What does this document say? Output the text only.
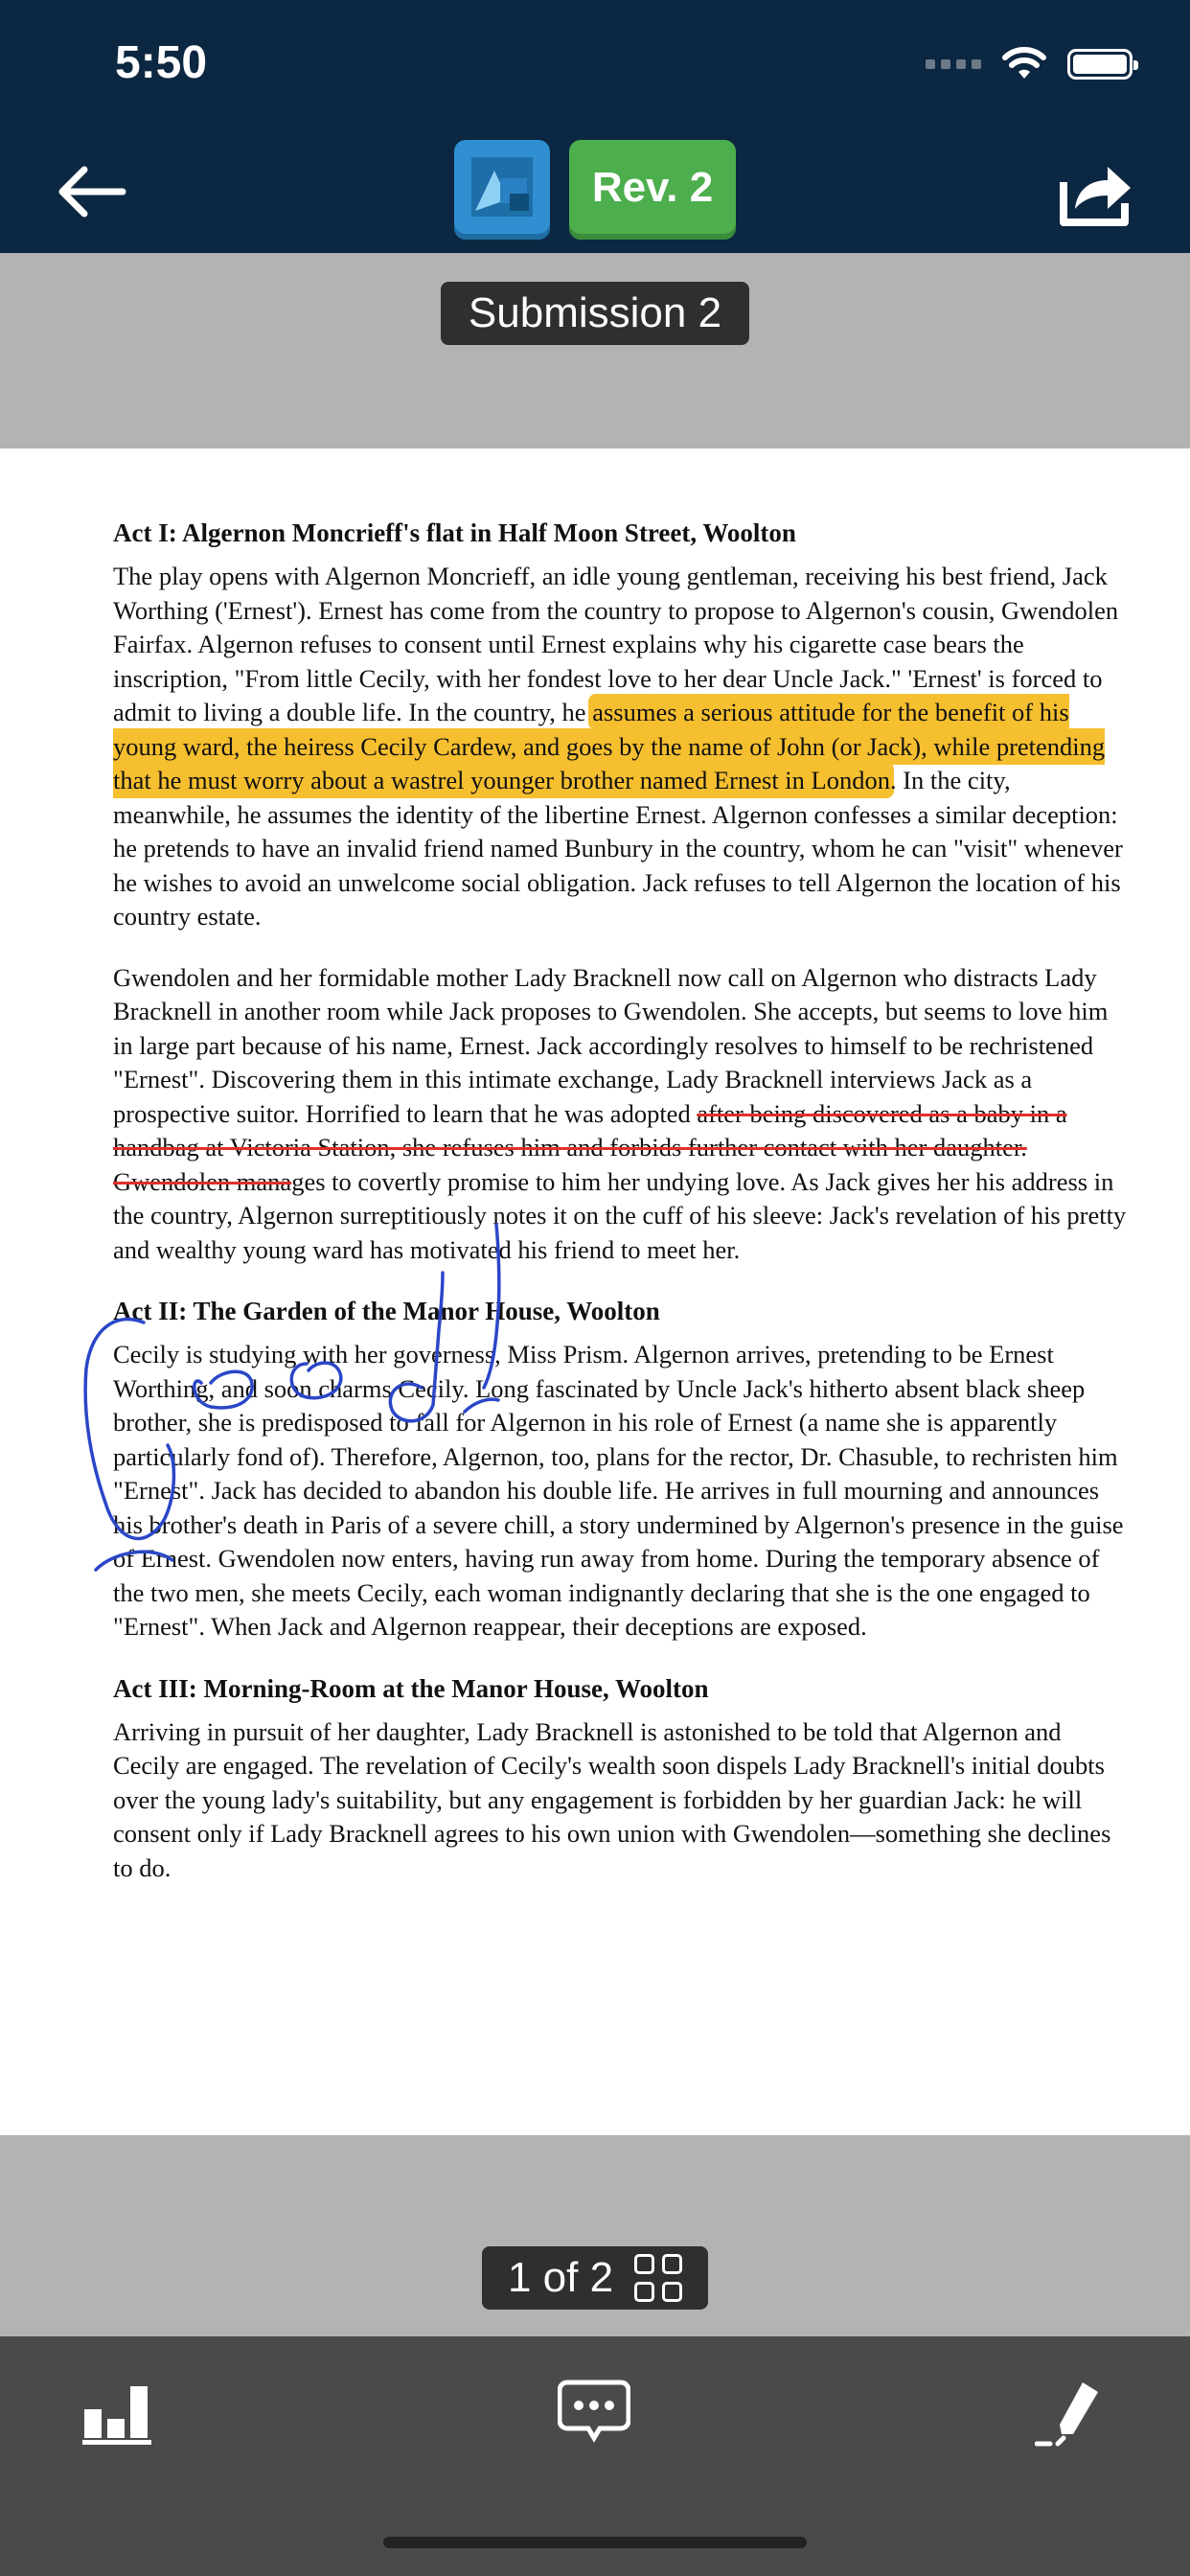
5:50
Rev. 2
Submission 2
Act I: Algernon Moncrieff's flat in Half Moon Street, Woolton

The play opens with Algernon Moncrieff, an idle young gentleman, receiving his best friend, Jack Worthing ('Ernest'). Ernest has come from the country to propose to Algernon's cousin, Gwendolen Fairfax. Algernon refuses to consent until Ernest explains why his cigarette case bears the inscription, "From little Cecily, with her fondest love to her dear Uncle Jack." 'Ernest' is forced to admit to living a double life. In the country, he assumes a serious attitude for the benefit of his young ward, the heiress Cecily Cardew, and goes by the name of John (or Jack), while pretending that he must worry about a wastrel younger brother named Ernest in London. In the city, meanwhile, he assumes the identity of the libertine Ernest. Algernon confesses a similar deception: he pretends to have an invalid friend named Bunbury in the country, whom he can "visit" whenever he wishes to avoid an unwelcome social obligation. Jack refuses to tell Algernon the location of his country estate.

Gwendolen and her formidable mother Lady Bracknell now call on Algernon who distracts Lady Bracknell in another room while Jack proposes to Gwendolen. She accepts, but seems to love him in large part because of his name, Ernest. Jack accordingly resolves to himself to be rechristened "Ernest". Discovering them in this intimate exchange, Lady Bracknell interviews Jack as a prospective suitor. Horrified to learn that he was adopted after being discovered as a baby in a handbag at Victoria Station, she refuses him and forbids further contact with her daughter. Gwendolen manages to covertly promise to him her undying love. As Jack gives her his address in the country, Algernon surreptitiously notes it on the cuff of his sleeve: Jack's revelation of his pretty and wealthy young ward has motivated his friend to meet her.

Act II: The Garden of the Manor House, Woolton

Cecily is studying with her governess, Miss Prism. Algernon arrives, pretending to be Ernest Worthing, and soon charms Cecily. Long fascinated by Uncle Jack's hitherto absent black sheep brother, she is predisposed to fall for Algernon in his role of Ernest (a name she is apparently particularly fond of). Therefore, Algernon, too, plans for the rector, Dr. Chasuble, to rechristen him "Ernest". Jack has decided to abandon his double life. He arrives in full mourning and announces his brother's death in Paris of a severe chill, a story undermined by Algernon's presence in the guise of Ernest. Gwendolen now enters, having run away from home. During the temporary absence of the two men, she meets Cecily, each woman indignantly declaring that she is the one engaged to "Ernest". When Jack and Algernon reappear, their deceptions are exposed.

Act III: Morning-Room at the Manor House, Woolton

Arriving in pursuit of her daughter, Lady Bracknell is astonished to be told that Algernon and Cecily are engaged. The revelation of Cecily's wealth soon dispels Lady Bracknell's initial doubts over the young lady's suitability, but any engagement is forbidden by her guardian Jack: he will consent only if Lady Bracknell agrees to his own union with Gwendolen—something she declines to do.

1 of 2
